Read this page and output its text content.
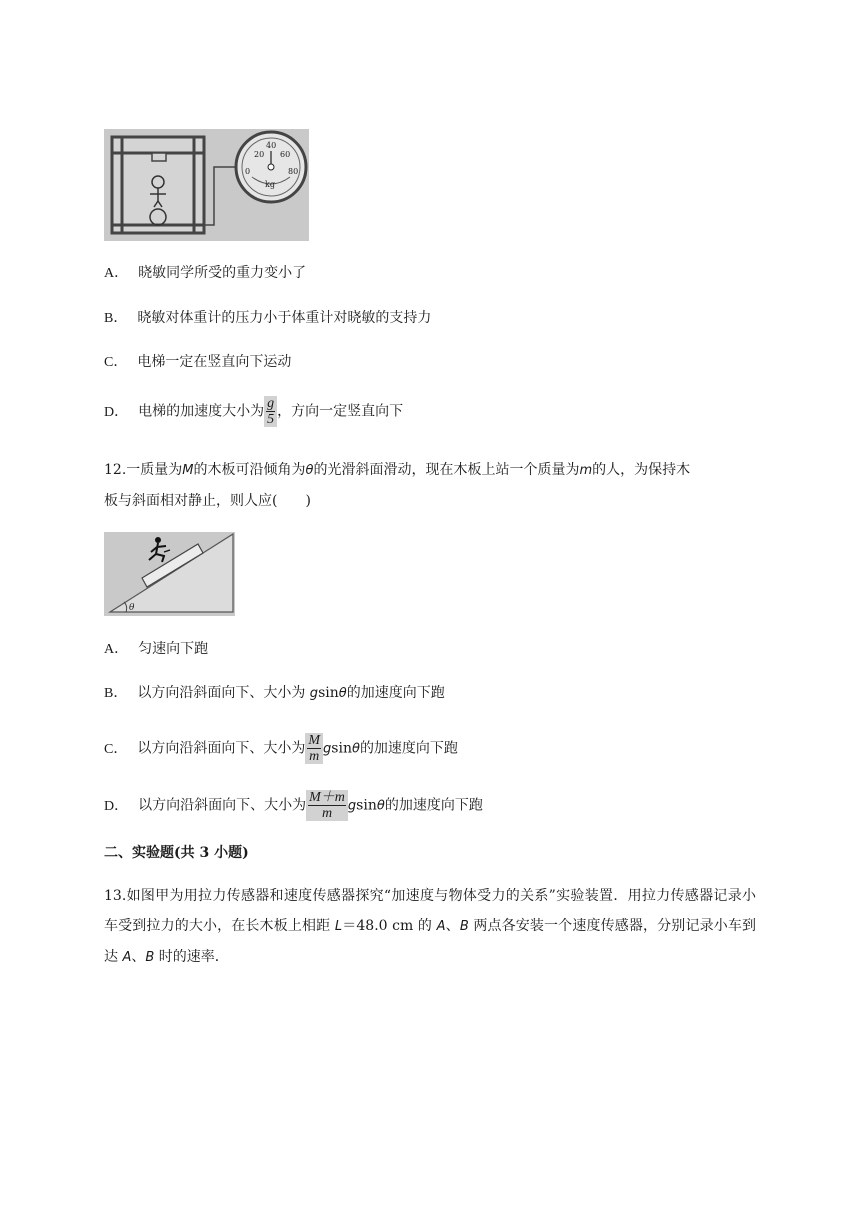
20
40
60
0	80
kg
A． 晓敏同学所受的重力变小了
B． 晓敏对体重计的压力小于体重计对晓敏的支持力
C． 电梯一定在竖直向下运动
D． 电梯的加速度大小为 $\frac{g}{5}$ ，方向一定竖直向下
12.一质量为M的木板可沿倾角为θ的光滑斜面滑动，现在木板上站一个质量为m的人，为保持木
板与斜面相对静止，则人应(　　)
θ
A． 匀速向下跑
B． 以方向沿斜面向下、大小为 gsinθ的加速度向下跑
C． 以方向沿斜面向下、大小为 $\frac{M}{m}$ gsinθ的加速度向下跑
D． 以方向沿斜面向下、大小为 $\frac{M+m}{m}$ gsinθ的加速度向下跑
二、实验题(共 3 小题)
13.如图甲为用拉力传感器和速度传感器探究“加速度与物体受力的关系”实验装置．用拉力传感器记录小车受到拉力的大小，在长木板上相距 L＝48.0 cm 的 A、B 两点各安装一个速度传感器，分别记录小车到达 A、B 时的速率．
